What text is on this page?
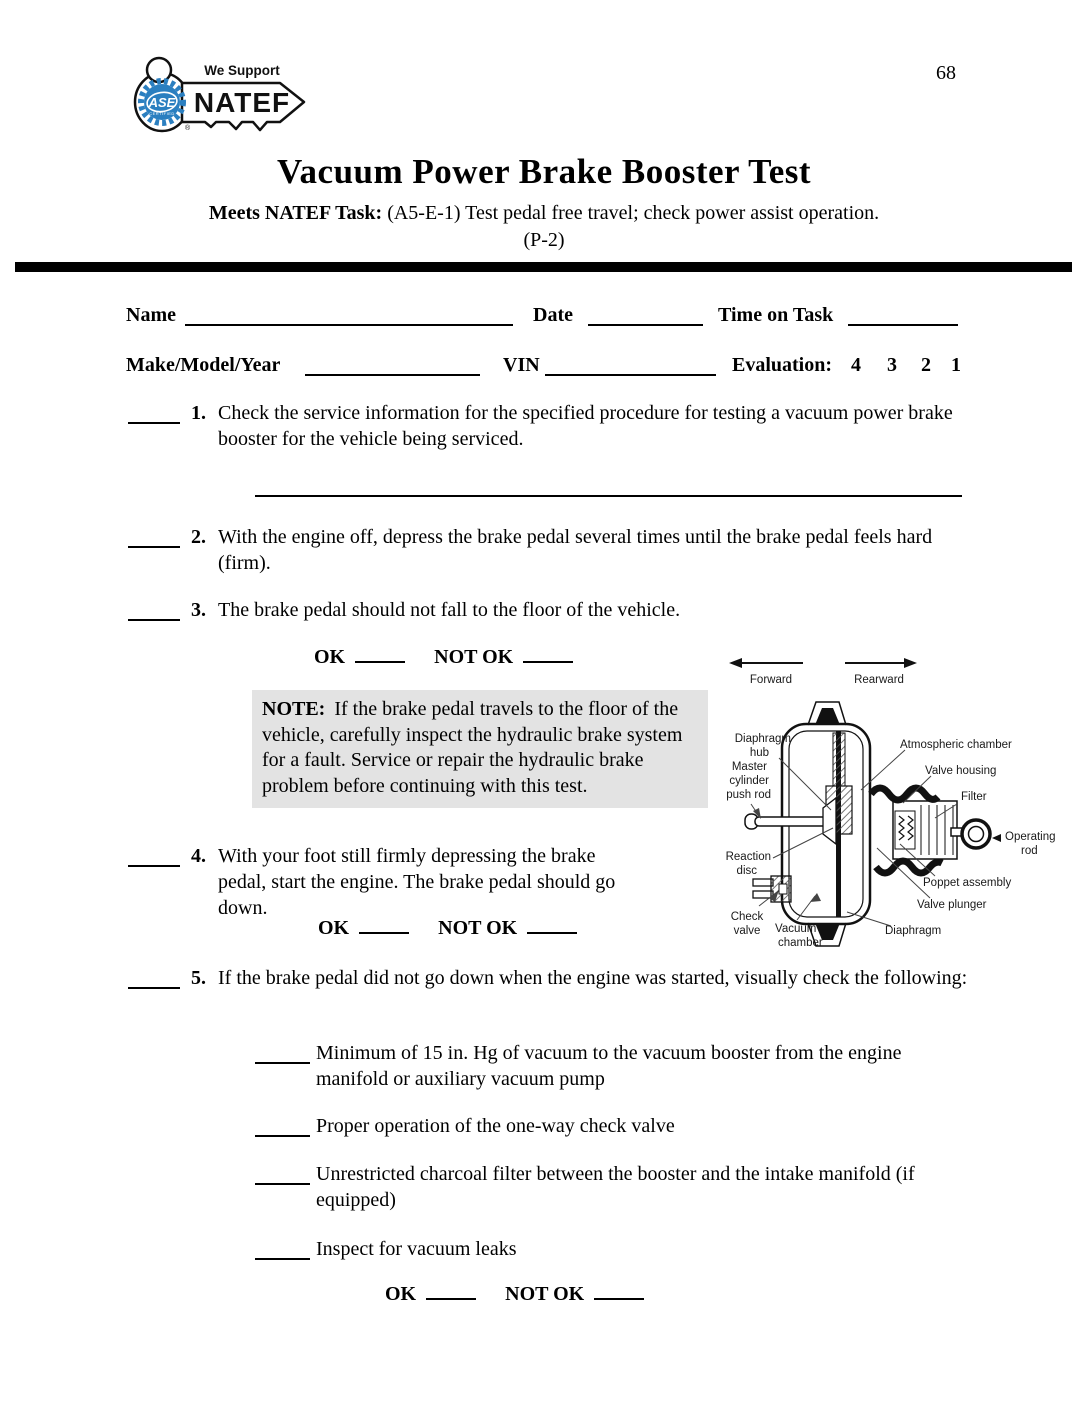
68
ASE
CERTIFIED
We Support
NATEF
®
Vacuum Power Brake Booster Test
Meets NATEF Task: (A5-E-1) Test pedal free travel; check power assist operation.
(P-2)
Name	Date	Time on Task
Make/Model/Year	VIN	Evaluation: 4 3 2 1
1. Check the service information for the specified procedure for testing a vacuum power brake booster for the vehicle being serviced.
2. With the engine off, depress the brake pedal several times until the brake pedal feels hard (firm).
3. The brake pedal should not fall to the floor of the vehicle.
OK	NOT OK
NOTE: If the brake pedal travels to the floor of the vehicle, carefully inspect the hydraulic brake system for a fault. Service or repair the hydraulic brake problem before continuing with this test.
Forward	Rearward
Diaphragm
hub
Atmospheric chamber
Valve housing
Master
cylinder
push rod	Filter
Operating
rod
Reaction
disc
Poppet assembly
Valve plunger
Check
valve Vacuum
chamber
Diaphragm
4. With your foot still firmly depressing the brake pedal, start the engine. The brake pedal should go down.
OK	NOT OK
5. If the brake pedal did not go down when the engine was started, visually check the following:
Minimum of 15 in. Hg of vacuum to the vacuum booster from the engine manifold or auxiliary vacuum pump
Proper operation of the one-way check valve
Unrestricted charcoal filter between the booster and the intake manifold (if equipped)
Inspect for vacuum leaks
OK	NOT OK
